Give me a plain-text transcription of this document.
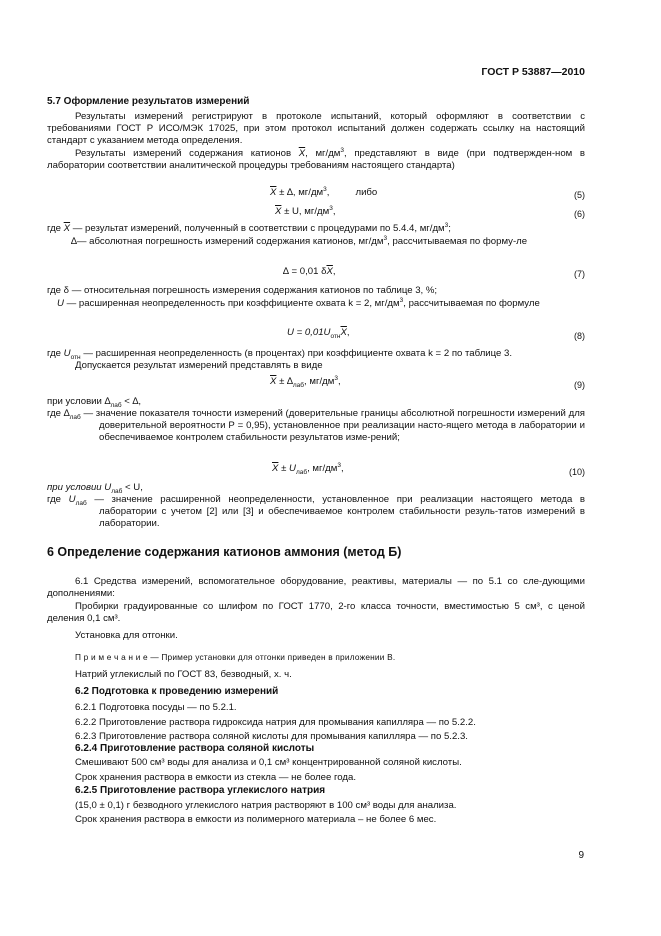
ГОСТ Р 53887—2010
5.7 Оформление результатов измерений
Результаты измерений регистрируют в протоколе испытаний, который оформляют в соответствии с требованиями ГОСТ Р ИСО/МЭК 17025, при этом протокол испытаний должен содержать ссылку на настоящий стандарт с указанием метода определения.
Результаты измерений содержания катионов $\overline{X}$, $мг/дм^3$, представляют в виде (при подтвержден-ном в лаборатории соответствии аналитической процедуры требованиям настоящего стандарта)
$\overline{X}$ ± ∆, $мг/дм^3$,	либо	(5)
$\overline{X} \pm U$, $мг/дм^3$,	(6)
где $\overline{X}$ — результат измерений, полученный в соответствии с процедурами по 5.4.4, $мг/дм^3$;
∆— абсолютная погрешность измерений содержания катионов, $мг/дм^3$, рассчитываемая по форму-ле
∆ = 0,01 $\delta\overline{X}$,	(7)
где δ — относительная погрешность измерения содержания катионов по таблице 3, %;
U — расширенная неопределенность при коэффициенте охвата k = 2, $мг/дм^3$, рассчитываемая по формуле
$U = 0,01U_{отн}\overline{X}$,	(8)
где $U_{отн}$ — расширенная неопределенность (в процентах) при коэффициенте охвата k = 2 по таблице 3.
Допускается результат измерений представлять в виде
$\overline{X} \pm \Delta_{лаб}$, $мг/дм^3$,	(9)
при условии $\Delta_{лаб}$ < ∆,
где $\Delta_{лаб}$ — значение показателя точности измерений (доверительные границы абсолютной погрешности измерений для доверительной вероятности P = 0,95), установленное при реализации насто-ящего метода в лаборатории и обеспечиваемое контролем стабильности результатов изме-рений;
$\overline{X} \pm U_{лаб}$, $мг/дм^3$,	(10)
при условии $U_{лаб} < U$,
где $U_{лаб}$ — значение расширенной неопределенности, установленное при реализации настоящего метода в лаборатории с учетом [2] или [3] и обеспечиваемое контролем стабильности резуль-татов измерений в лаборатории.
6 Определение содержания катионов аммония (метод Б)
6.1 Средства измерений, вспомогательное оборудование, реактивы, материалы — по 5.1 со сле-дующими дополнениями:
Пробирки градуированные со шлифом по ГОСТ 1770, 2-го класса точности, вместимостью 5 см³, с ценой деления 0,1 см³.
Установка для отгонки.
П р и м е ч а н и е — Пример установки для отгонки приведен в приложении В.
Натрий углекислый по ГОСТ 83, безводный, х. ч.
6.2 Подготовка к проведению измерений
6.2.1 Подготовка посуды — по 5.2.1.
6.2.2 Приготовление раствора гидроксида натрия для промывания капилляра — по 5.2.2.
6.2.3 Приготовление раствора соляной кислоты для промывания капилляра — по 5.2.3.
6.2.4 Приготовление раствора соляной кислоты
Смешивают 500 см³ воды для анализа и 0,1 см³ концентрированной соляной кислоты.
Срок хранения раствора в емкости из стекла — не более года.
6.2.5 Приготовление раствора углекислого натрия
(15,0 ± 0,1) г безводного углекислого натрия растворяют в 100 см³ воды для анализа.
Срок хранения раствора в емкости из полимерного материала – не более 6 мес.
9
